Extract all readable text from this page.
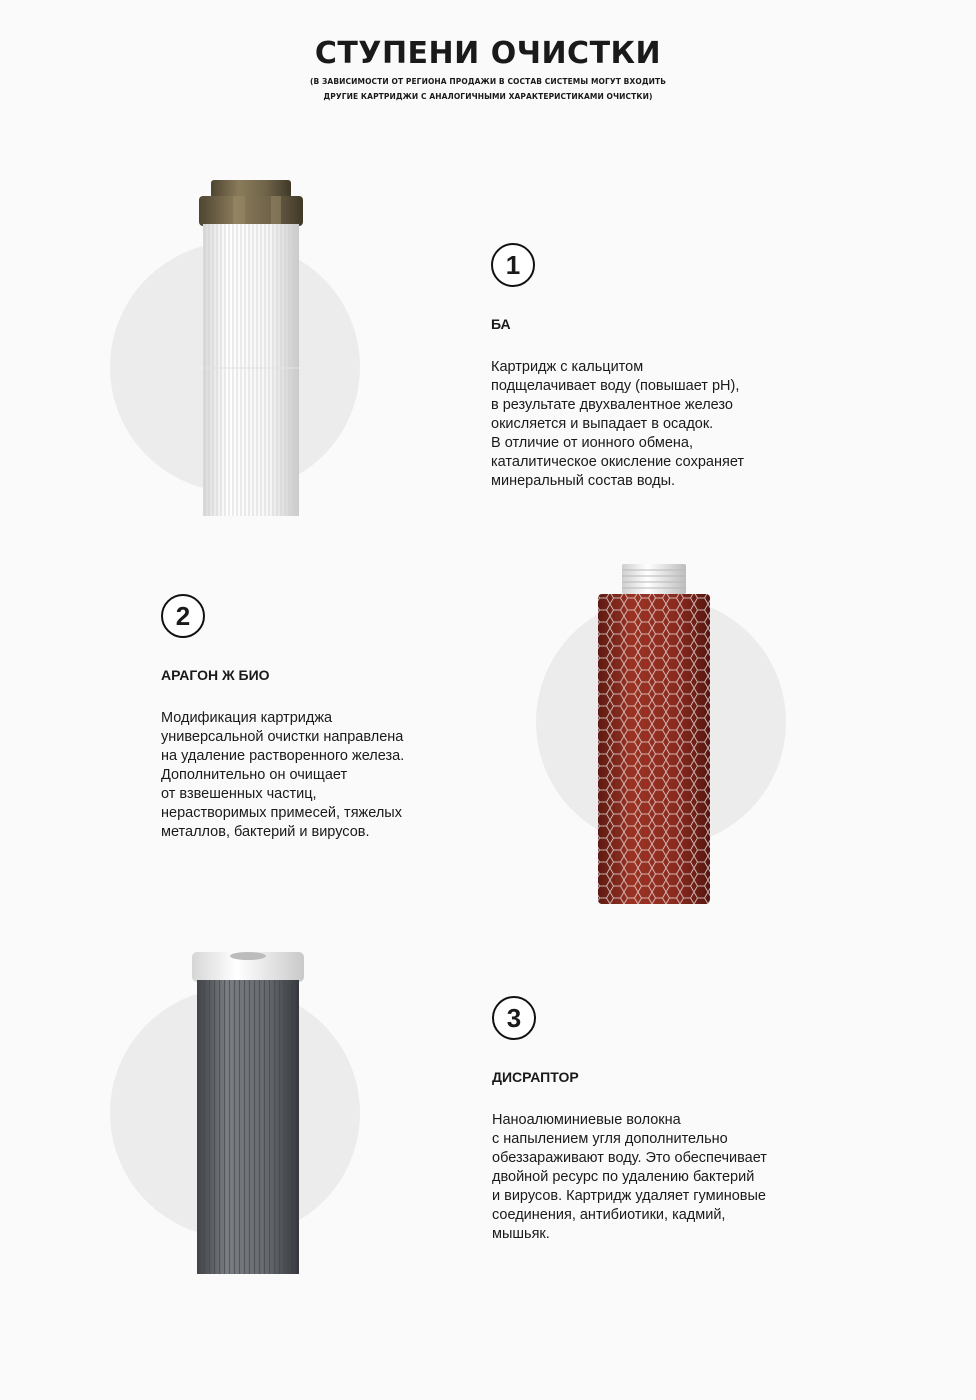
СТУПЕНИ ОЧИСТКИ
(В ЗАВИСИМОСТИ ОТ РЕГИОНА ПРОДАЖИ В СОСТАВ СИСТЕМЫ МОГУТ ВХОДИТЬ
ДРУГИЕ КАРТРИДЖИ С АНАЛОГИЧНЫМИ ХАРАКТЕРИСТИКАМИ ОЧИСТКИ)
1
БА
Картридж с кальцитом
подщелачивает воду (повышает pH),
в результате двухвалентное железо
окисляется и выпадает в осадок.
В отличие от ионного обмена,
каталитическое окисление сохраняет
минеральный состав воды.
2
АРАГОН Ж БИО
Модификация картриджа
универсальной очистки направлена
на удаление растворенного железа.
Дополнительно он очищает
от взвешенных частиц,
нерастворимых примесей, тяжелых
металлов, бактерий и вирусов.
3
ДИСРАПТОР
Наноалюминиевые волокна
с напылением угля дополнительно
обеззараживают воду. Это обеспечивает
двойной ресурс по удалению бактерий
и вирусов. Картридж удаляет гуминовые
соединения, антибиотики, кадмий,
мышьяк.
